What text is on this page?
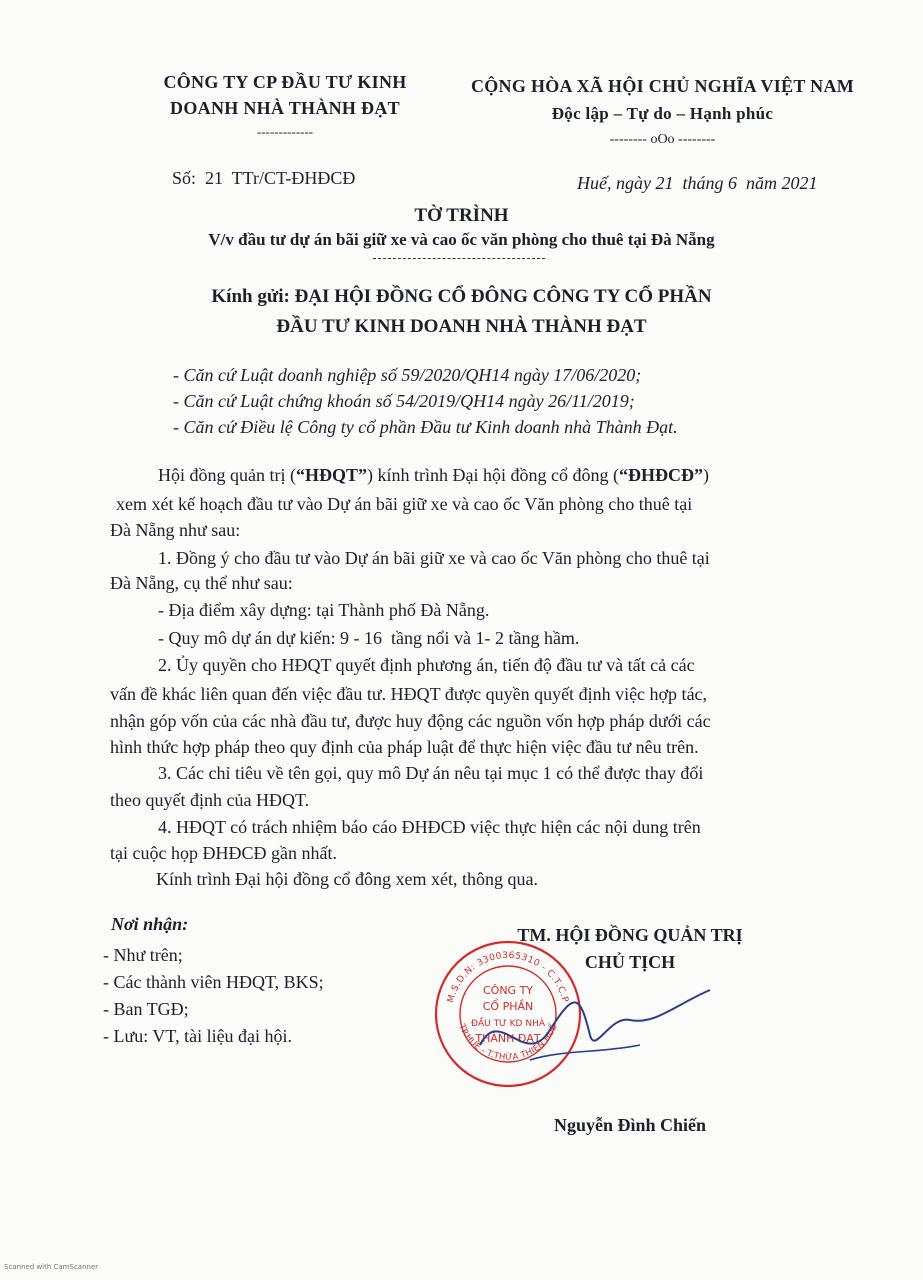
CÔNG TY CP ĐẦU TƯ KINH
DOANH NHÀ THÀNH ĐẠT
-------------
CỘNG HÒA XÃ HỘI CHỦ NGHĨA VIỆT NAM
Độc lập – Tự do – Hạnh phúc
-------- oOo --------
Số:  21  TTr/CT-ĐHĐCĐ	Huế, ngày 21  tháng 6  năm 2021
TỜ TRÌNH
V/v đầu tư dự án bãi giữ xe và cao ốc văn phòng cho thuê tại Đà Nẵng
Kính gửi: ĐẠI HỘI ĐỒNG CỔ ĐÔNG CÔNG TY CỔ PHẦN
ĐẦU TƯ KINH DOANH NHÀ THÀNH ĐẠT
- Căn cứ Luật doanh nghiệp số 59/2020/QH14 ngày 17/06/2020;
- Căn cứ Luật chứng khoán số 54/2019/QH14 ngày 26/11/2019;
- Căn cứ Điều lệ Công ty cổ phần Đầu tư Kinh doanh nhà Thành Đạt.
Hội đồng quản trị (“HĐQT”) kính trình Đại hội đồng cổ đông (“ĐHĐCĐ”)
xem xét kế hoạch đầu tư vào Dự án bãi giữ xe và cao ốc Văn phòng cho thuê tại
Đà Nẵng như sau:
1. Đồng ý cho đầu tư vào Dự án bãi giữ xe và cao ốc Văn phòng cho thuê tại
Đà Nẵng, cụ thể như sau:
- Địa điểm xây dựng: tại Thành phố Đà Nẵng.
- Quy mô dự án dự kiến: 9 - 16  tầng nổi và 1- 2 tầng hầm.
2. Ủy quyền cho HĐQT quyết định phương án, tiến độ đầu tư và tất cả các
vấn đề khác liên quan đến việc đầu tư. HĐQT được quyền quyết định việc hợp tác,
nhận góp vốn của các nhà đầu tư, được huy động các nguồn vốn hợp pháp dưới các
hình thức hợp pháp theo quy định của pháp luật để thực hiện việc đầu tư nêu trên.
3. Các chỉ tiêu về tên gọi, quy mô Dự án nêu tại mục 1 có thể được thay đổi
theo quyết định của HĐQT.
4. HĐQT có trách nhiệm báo cáo ĐHĐCĐ việc thực hiện các nội dung trên
tại cuộc họp ĐHĐCĐ gần nhất.
Kính trình Đại hội đồng cổ đông xem xét, thông qua.
Nơi nhận:
- Như trên;
- Các thành viên HĐQT, BKS;
- Ban TGĐ;
- Lưu: VT, tài liệu đại hội.
TM. HỘI ĐỒNG QUẢN TRỊ
CHỦ TỊCH
M.S.D.N: 3300365310 - C.T.C.P
TP.HUẾ - T.THỪA THIÊN HUẾ
CÔNG TY
CỔ PHẦN
ĐẦU TƯ KD NHÀ
THÀNH ĐẠT
Nguyễn Đình Chiến
Scanned with CamScanner
